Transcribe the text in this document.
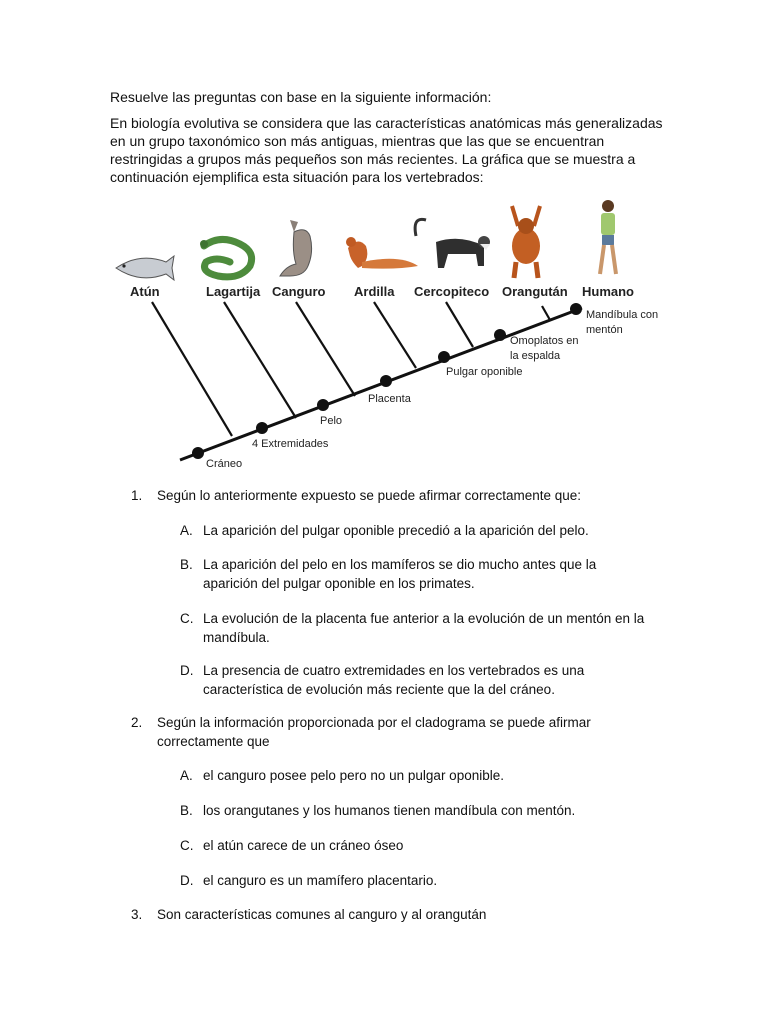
Resuelve las preguntas con base en la siguiente información:

En biología evolutiva se considera que las características anatómicas más generalizadas en un grupo taxonómico son más antiguas, mientras que las que se encuentran restringidas a grupos más pequeños son más recientes. La gráfica que se muestra a continuación ejemplifica esta situación para los vertebrados:

Atún	Lagartija Canguro Ardilla Cercopiteco Orangután Humano
Cráneo
4 Extremidades
Pelo
Placenta
Pulgar oponible
Omoplatos en
la espalda
Mandíbula con
mentón
1. Según lo anteriormente expuesto se puede afirmar correctamente que:
A. La aparición del pulgar oponible precedió a la aparición del pelo.
B. La aparición del pelo en los mamíferos se dio mucho antes que la aparición del pulgar oponible en los primates.
C. La evolución de la placenta fue anterior a la evolución de un mentón en la mandíbula.
D. La presencia de cuatro extremidades en los vertebrados es una característica de evolución más reciente que la del cráneo.
2. Según la información proporcionada por el cladograma se puede afirmar correctamente que
A. el canguro posee pelo pero no un pulgar oponible.
B. los orangutanes y los humanos tienen mandíbula con mentón.
C. el atún carece de un cráneo óseo
D. el canguro es un mamífero placentario.
3. Son características comunes al canguro y al orangután
